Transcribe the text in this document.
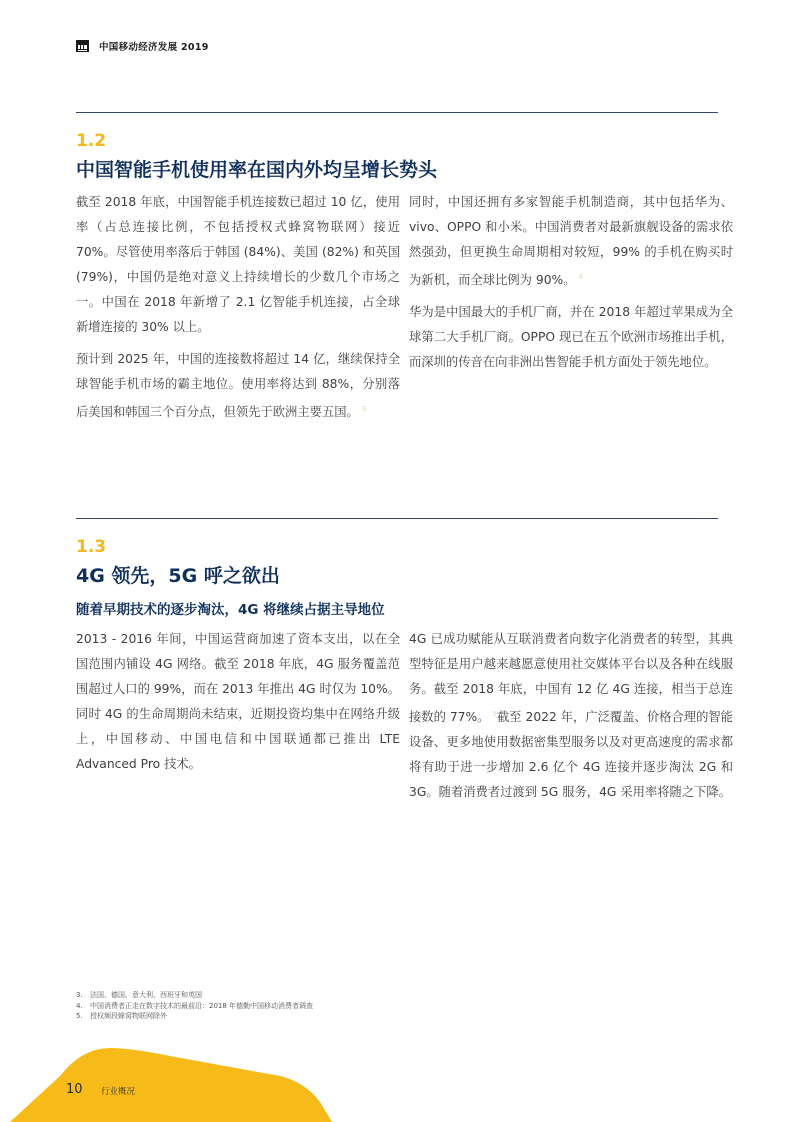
中国移动经济发展 2019
1.2
中国智能手机使用率在国内外均呈增长势头

截至 2018 年底，中国智能手机连接数已超过 10 亿，使用率（占总连接比例，不包括授权式蜂窝物联网）接近 70%。尽管使用率落后于韩国 (84%)、美国 (82%) 和英国 (79%)，中国仍是绝对意义上持续增长的少数几个市场之一。中国在 2018 年新增了 2.1 亿智能手机连接，占全球新增连接的 30% 以上。

预计到 2025 年，中国的连接数将超过 14 亿，继续保持全球智能手机市场的霸主地位。使用率将达到 88%，分别落后美国和韩国三个百分点，但领先于欧洲主要五国。 $^3$

同时，中国还拥有多家智能手机制造商，其中包括华为、vivo、OPPO 和小米。中国消费者对最新旗舰设备的需求依然强劲，但更换生命周期相对较短，99% 的手机在购买时为新机，而全球比例为 90%。 $^4$

华为是中国最大的手机厂商，并在 2018 年超过苹果成为全球第二大手机厂商。OPPO 现已在五个欧洲市场推出手机，而深圳的传音在向非洲出售智能手机方面处于领先地位。

1.3
4G 领先，5G 呼之欲出
随着早期技术的逐步淘汰，4G 将继续占据主导地位

2013 - 2016 年间，中国运营商加速了资本支出，以在全国范围内铺设 4G 网络。截至 2018 年底，4G 服务覆盖范围超过人口的 99%，而在 2013 年推出 4G 时仅为 10%。同时 4G 的生命周期尚未结束，近期投资均集中在网络升级上，中国移动、中国电信和中国联通都已推出 LTE Advanced Pro 技术。

4G 已成功赋能从互联消费者向数字化消费者的转型，其典型特征是用户越来越愿意使用社交媒体平台以及各种在线服务。截至 2018 年底，中国有 12 亿 4G 连接，相当于总连接数的 77%。 $^5$截至 2022 年，广泛覆盖、价格合理的智能设备、更多地使用数据密集型服务以及对更高速度的需求都将有助于进一步增加 2.6 亿个 4G 连接并逐步淘汰 2G 和 3G。随着消费者过渡到 5G 服务，4G 采用率将随之下降。

3. 法国、德国、意大利、西班牙和英国
4. 中国消费者正走在数字技术的最前沿：2018 年德勤中国移动消费者调查
5. 授权频段蜂窝物联网除外
10 行业概况
